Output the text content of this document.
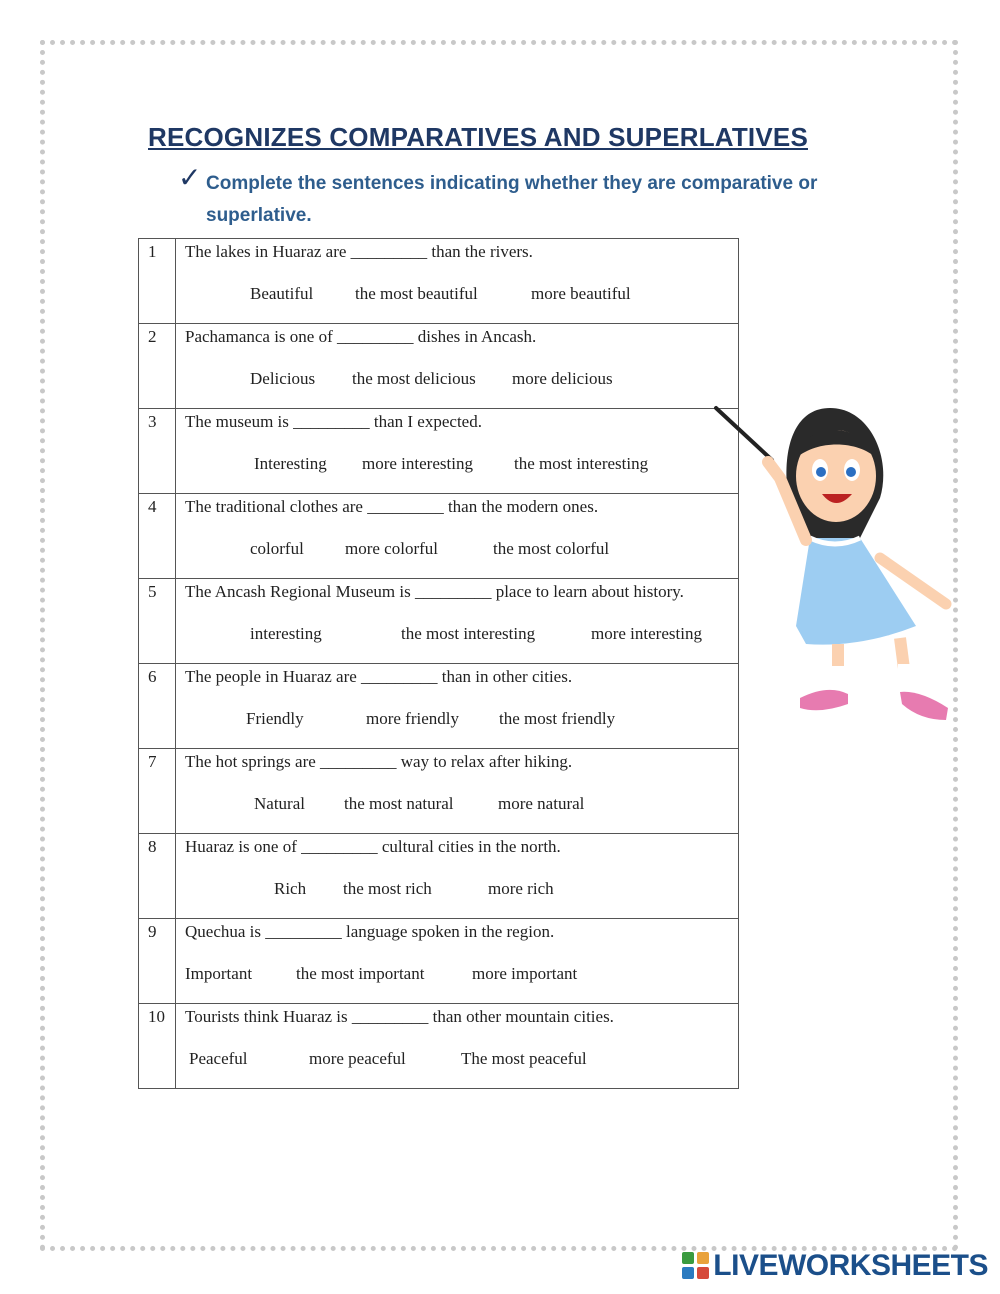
RECOGNIZES COMPARATIVES AND SUPERLATIVES
✓ Complete the sentences indicating whether they are comparative or superlative.
1	The lakes in Huaraz are _________ than the rivers.
Beautiful the most beautiful more beautiful

2	Pachamanca is one of _________ dishes in Ancash.
Delicious the most delicious more delicious

3	The museum is _________ than I expected.
Interesting more interesting the most interesting

4	The traditional clothes are _________ than the modern ones.
colorful more colorful the most colorful

5	The Ancash Regional Museum is _________ place to learn about history.
interesting the most interesting more interesting

6	The people in Huaraz are _________ than in other cities.
Friendly more friendly the most friendly

7	The hot springs are _________ way to relax after hiking.
Natural the most natural more natural

8	Huaraz is one of _________ cultural cities in the north.
Rich the most rich more rich

9	Quechua is _________ language spoken in the region.
Important the most important more important

10	Tourists think Huaraz is _________ than other mountain cities.
Peaceful more peaceful The most peaceful
LIVEWORKSHEETS
